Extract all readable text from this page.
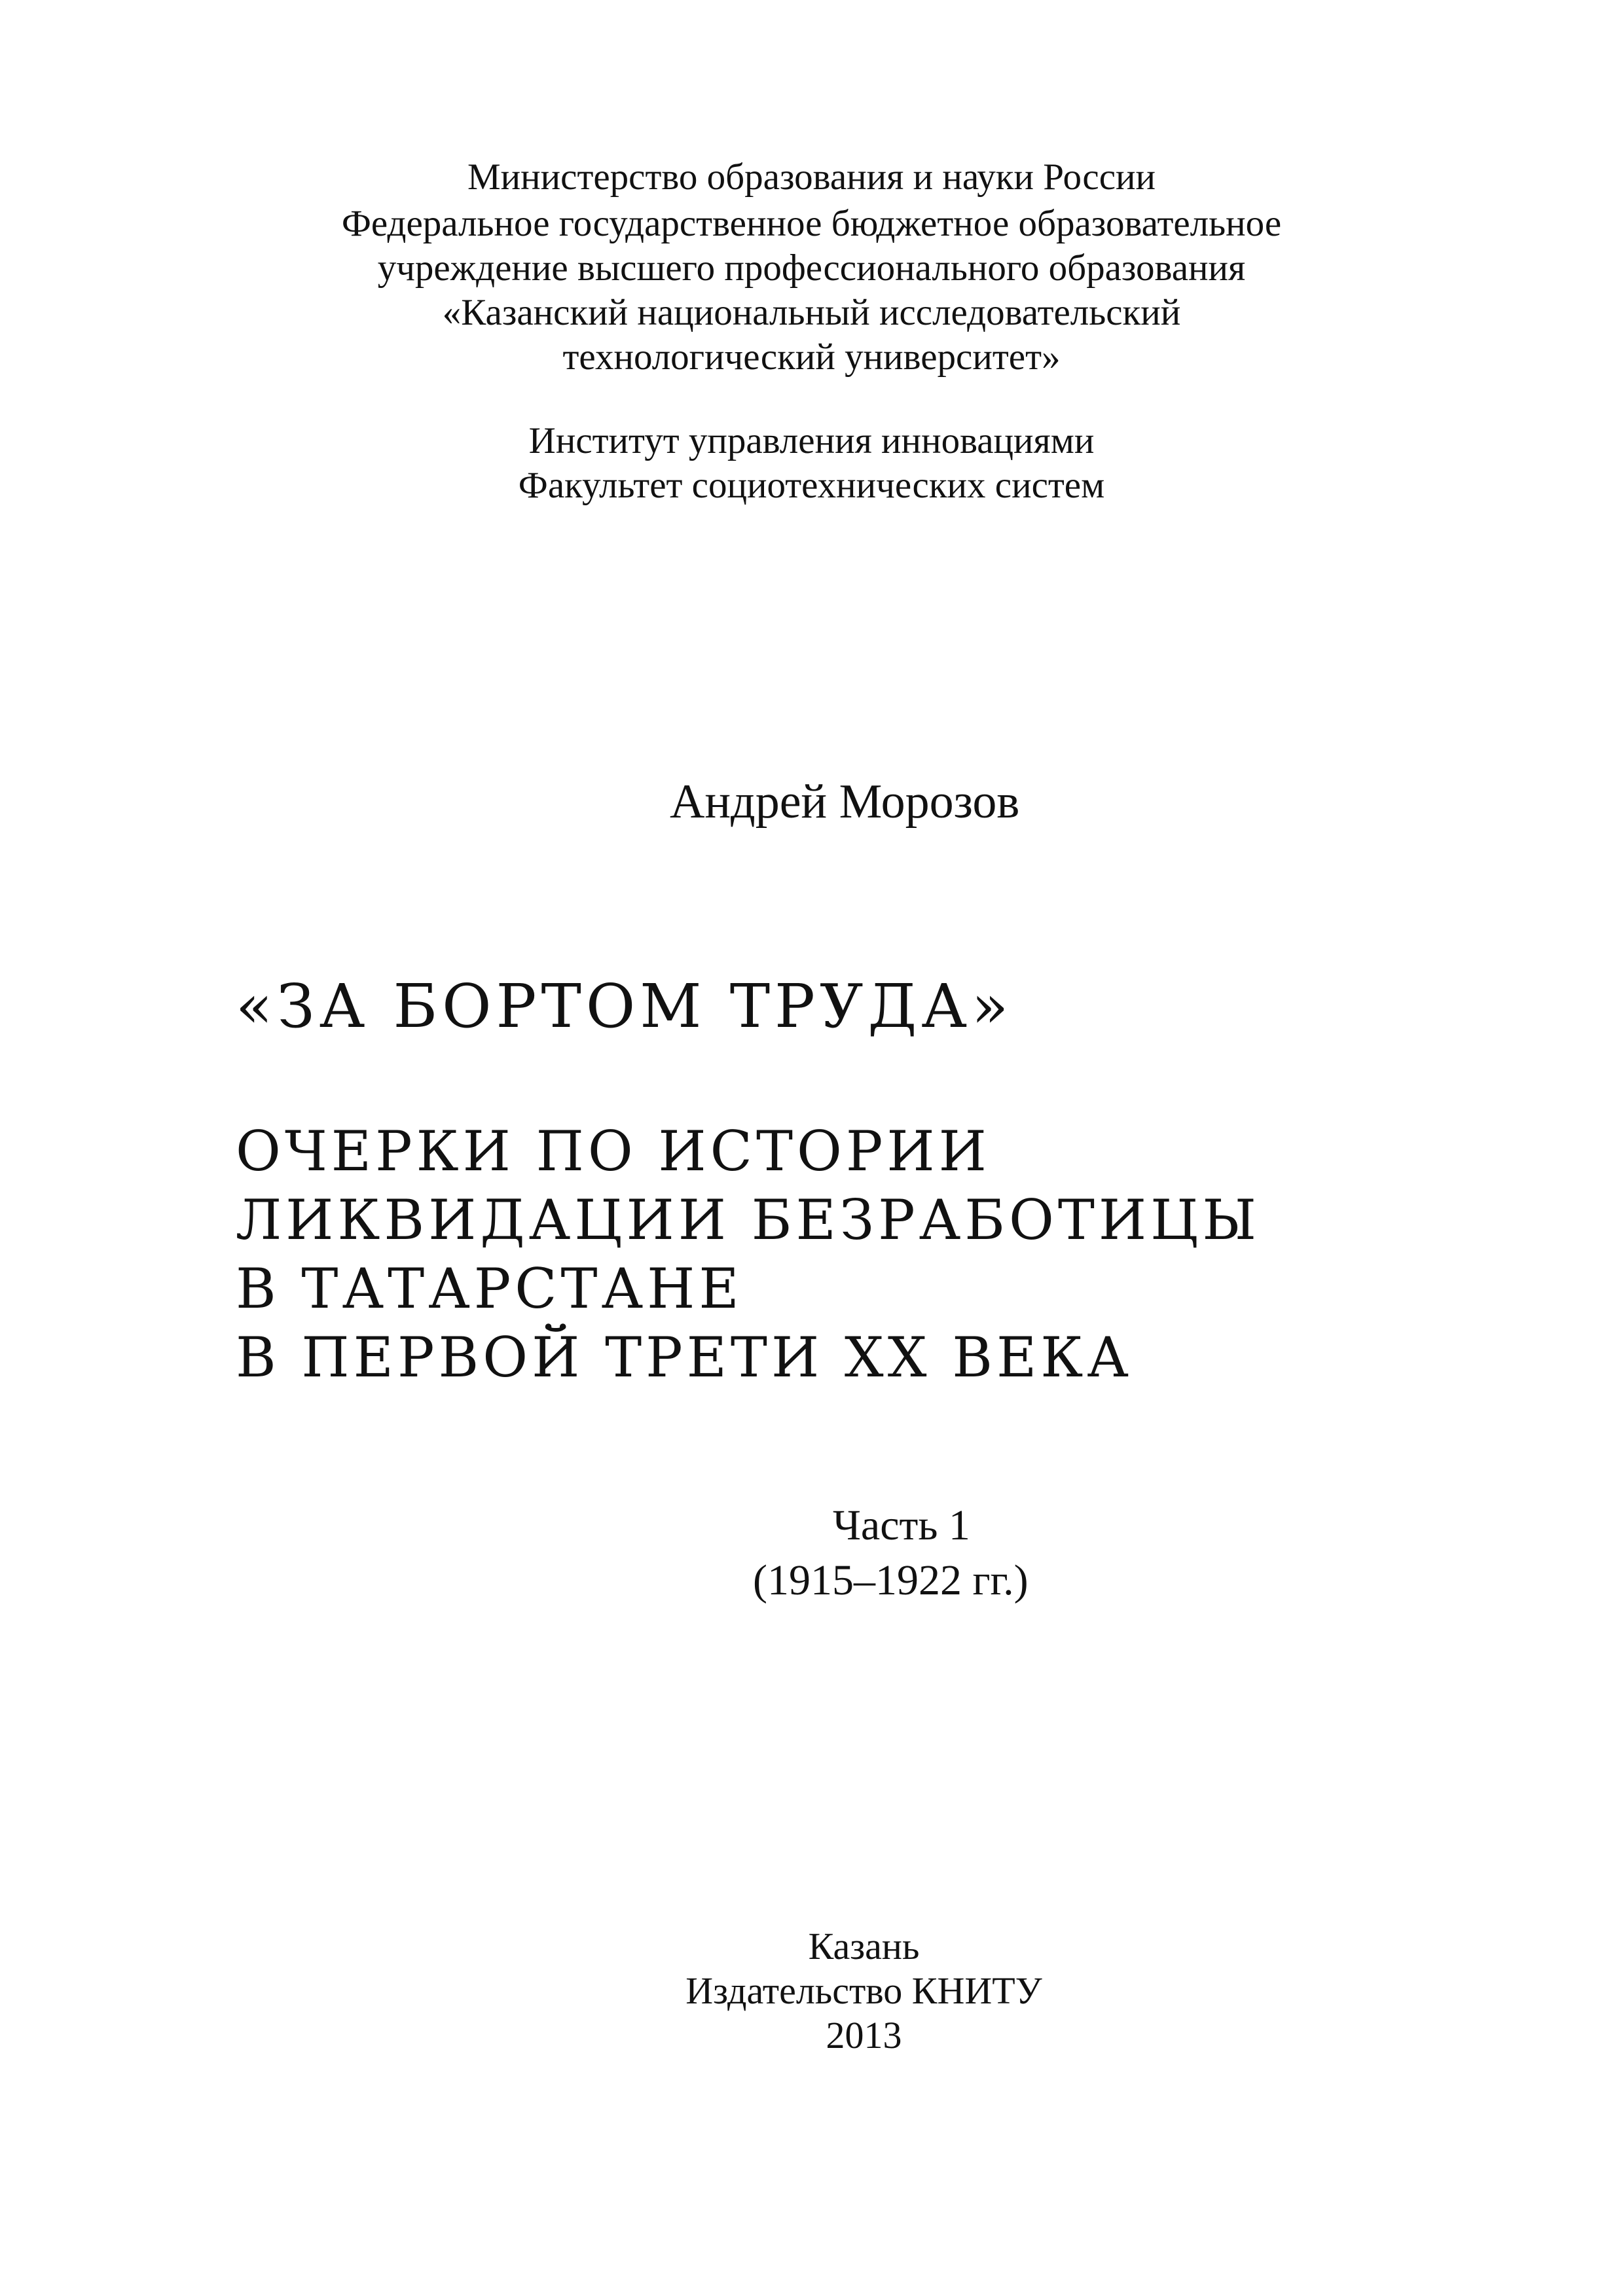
Министерство образования и науки России
Федеральное государственное бюджетное образовательное
учреждение высшего профессионального образования
«Казанский национальный исследовательский
технологический университет»
Институт управления инновациями
Факультет социотехнических систем
Андрей Морозов
«ЗА БОРТОМ ТРУДА»
ОЧЕРКИ ПО ИСТОРИИ
ЛИКВИДАЦИИ БЕЗРАБОТИЦЫ
В ТАТАРСТАНЕ
В ПЕРВОЙ ТРЕТИ XX ВЕКА
Часть 1
(1915–1922 гг.)
Казань
Издательство КНИТУ
2013
